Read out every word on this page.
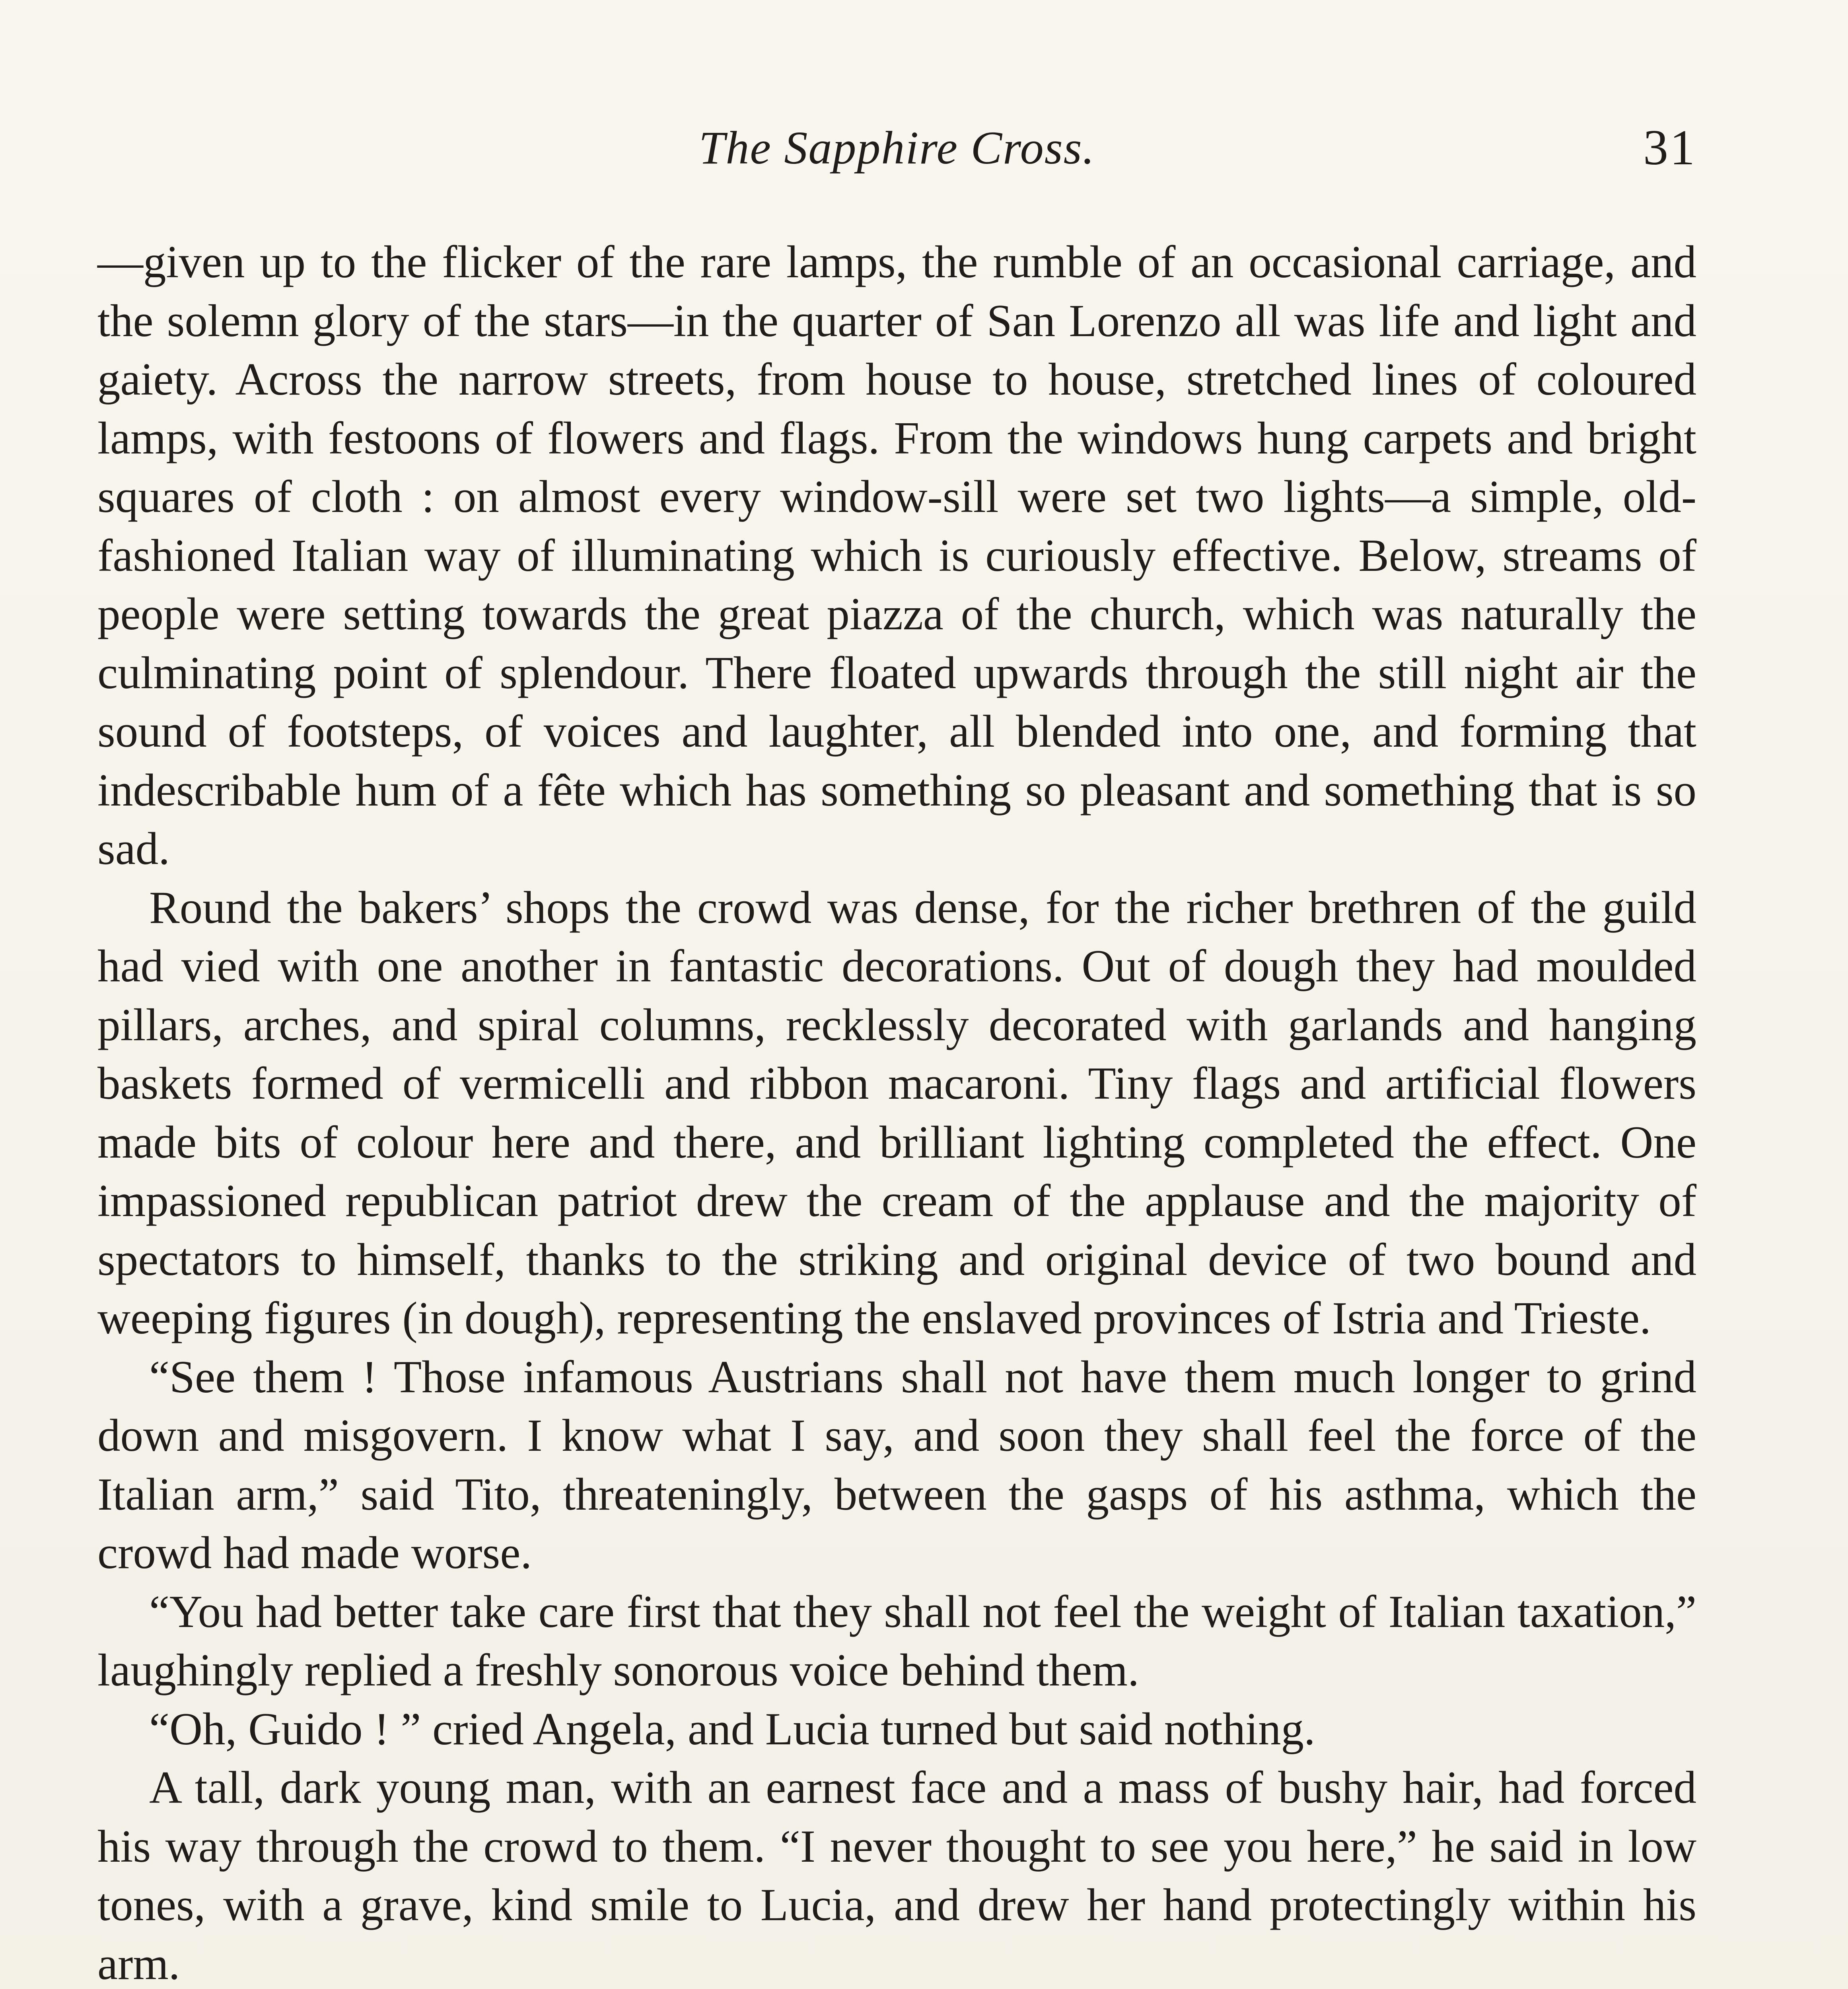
The Sapphire Cross.	31

—given up to the flicker of the rare lamps, the rumble of an occasional carriage, and the solemn glory of the stars—in the quarter of San Lorenzo all was life and light and gaiety. Across the narrow streets, from house to house, stretched lines of coloured lamps, with festoons of flowers and flags. From the windows hung carpets and bright squares of cloth : on almost every window-sill were set two lights—a simple, old-fashioned Italian way of illuminating which is curiously effective. Below, streams of people were setting towards the great piazza of the church, which was naturally the culminating point of splendour. There floated upwards through the still night air the sound of footsteps, of voices and laughter, all blended into one, and forming that indescribable hum of a fête which has something so pleasant and something that is so sad.

Round the bakers’ shops the crowd was dense, for the richer brethren of the guild had vied with one another in fantastic decorations. Out of dough they had moulded pillars, arches, and spiral columns, recklessly decorated with garlands and hanging baskets formed of vermicelli and ribbon macaroni. Tiny flags and artificial flowers made bits of colour here and there, and brilliant lighting completed the effect. One impassioned republican patriot drew the cream of the applause and the majority of spectators to himself, thanks to the striking and original device of two bound and weeping figures (in dough), representing the enslaved provinces of Istria and Trieste.

“See them ! Those infamous Austrians shall not have them much longer to grind down and misgovern. I know what I say, and soon they shall feel the force of the Italian arm,” said Tito, threateningly, between the gasps of his asthma, which the crowd had made worse.

“You had better take care first that they shall not feel the weight of Italian taxation,” laughingly replied a freshly sonorous voice behind them.

“Oh, Guido ! ” cried Angela, and Lucia turned but said nothing.

A tall, dark young man, with an earnest face and a mass of bushy hair, had forced his way through the crowd to them. “I never thought to see you here,” he said in low tones, with a grave, kind smile to Lucia, and drew her hand protectingly within his arm.
